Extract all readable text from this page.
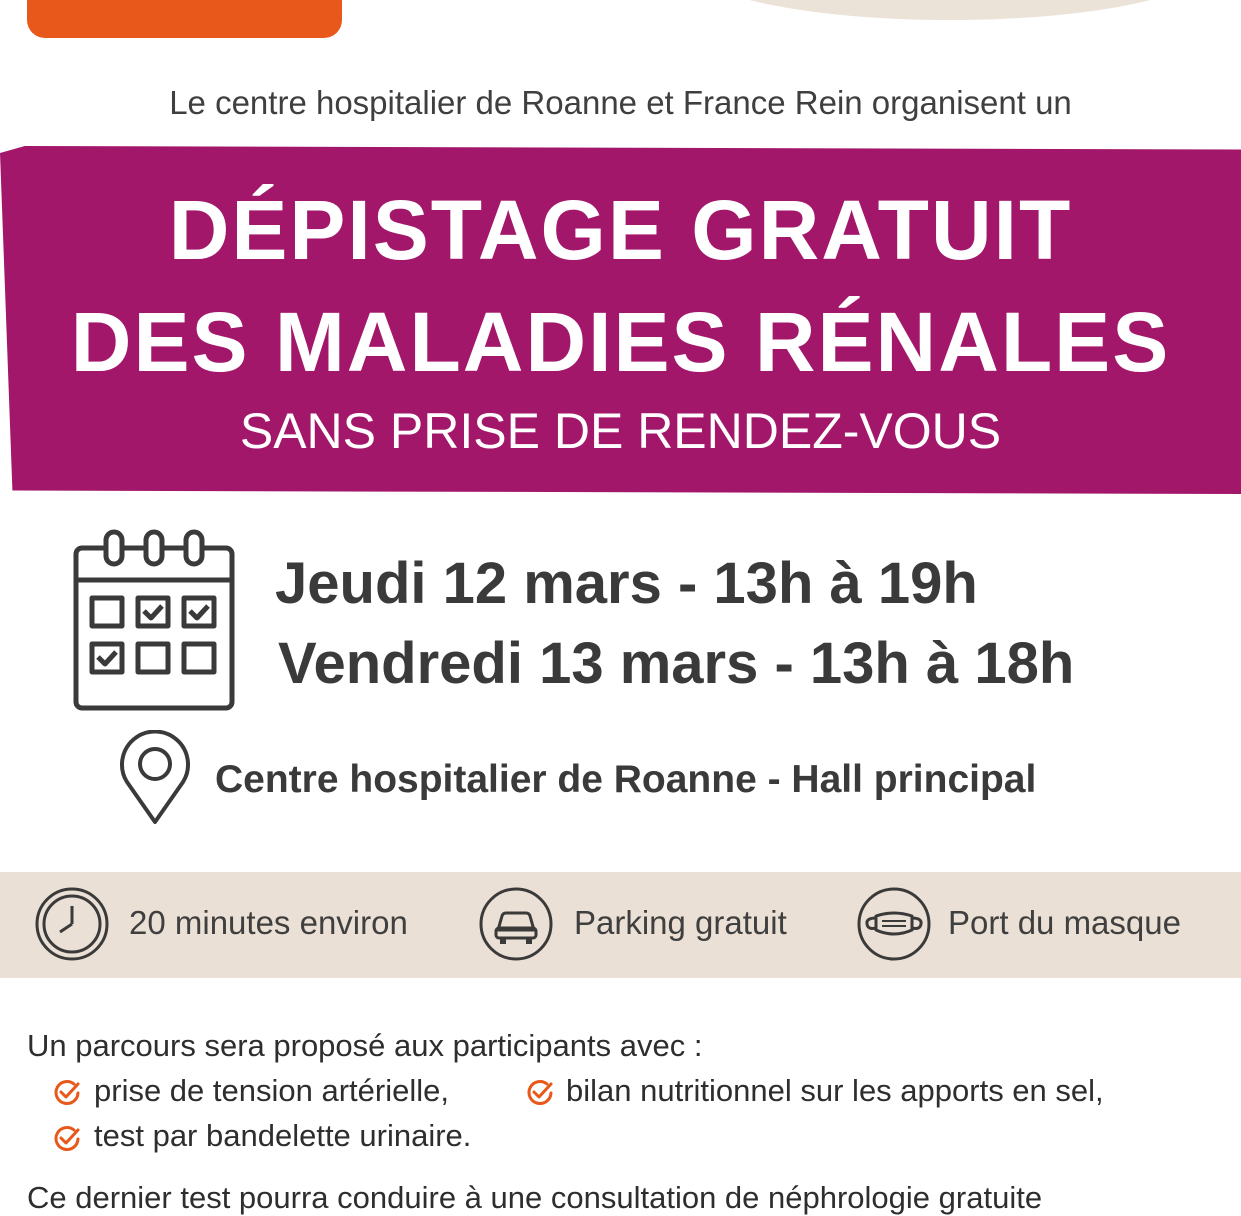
Le centre hospitalier de Roanne et France Rein organisent un
DÉPISTAGE GRATUIT
DES MALADIES RÉNALES
SANS PRISE DE RENDEZ-VOUS
Jeudi 12 mars - 13h à 19h
Vendredi 13 mars - 13h à 18h
Centre hospitalier de Roanne - Hall principal
20 minutes environ	Parking gratuit	Port du masque
Un parcours sera proposé aux participants avec :
prise de tension artérielle,	bilan nutritionnel sur les apports en sel,
test par bandelette urinaire.
Ce dernier test pourra conduire à une consultation de néphrologie gratuite
